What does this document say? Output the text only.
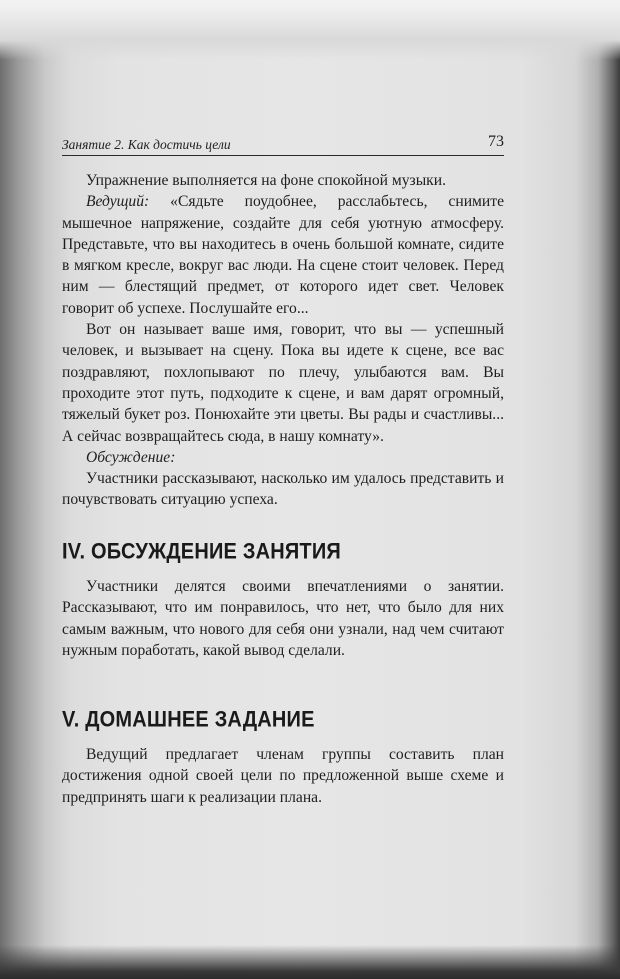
Занятие 2. Как достичь цели	73

Упражнение выполняется на фоне спокойной музыки.

Ведущий: «Сядьте поудобнее, расслабьтесь, снимите мышечное напряжение, создайте для себя уютную атмосферу. Представьте, что вы находитесь в очень большой комнате, сидите в мягком кресле, вокруг вас люди. На сцене стоит человек. Перед ним — блестящий предмет, от которого идет свет. Человек говорит об успехе. Послушайте его...

Вот он называет ваше имя, говорит, что вы — успешный человек, и вызывает на сцену. Пока вы идете к сцене, все вас поздравляют, похлопывают по плечу, улыбаются вам. Вы проходите этот путь, подходите к сцене, и вам дарят огромный, тяжелый букет роз. Понюхайте эти цветы. Вы рады и счастливы... А сейчас возвращайтесь сюда, в нашу комнату».

Обсуждение:

Участники рассказывают, насколько им удалось представить и почувствовать ситуацию успеха.

IV. ОБСУЖДЕНИЕ ЗАНЯТИЯ

Участники делятся своими впечатлениями о занятии. Рассказывают, что им понравилось, что нет, что было для них самым важным, что нового для себя они узнали, над чем считают нужным поработать, какой вывод сделали.

V. ДОМАШНЕЕ ЗАДАНИЕ

Ведущий предлагает членам группы составить план достижения одной своей цели по предложенной выше схеме и предпринять шаги к реализации плана.
